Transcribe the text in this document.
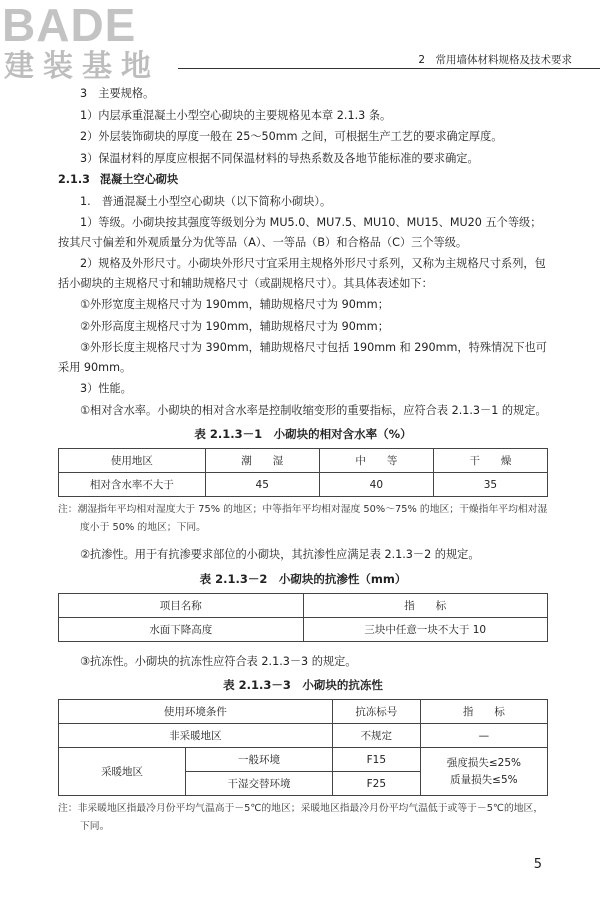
BADE
建装基地	2　常用墙体材料规格及技术要求

3　主要规格。

1）内层承重混凝土小型空心砌块的主要规格见本章 2.1.3 条。

2）外层装饰砌块的厚度一般在 25～50mm 之间，可根据生产工艺的要求确定厚度。

3）保温材料的厚度应根据不同保温材料的导热系数及各地节能标准的要求确定。

2.1.3 混凝土空心砌块

1.　普通混凝土小型空心砌块（以下简称小砌块）。

1）等级。小砌块按其强度等级划分为 MU5.0、MU7.5、MU10、MU15、MU20 五个等级；按其尺寸偏差和外观质量分为优等品（A）、一等品（B）和合格品（C）三个等级。

2）规格及外形尺寸。小砌块外形尺寸宜采用主规格外形尺寸系列，又称为主规格尺寸系列，包括小砌块的主规格尺寸和辅助规格尺寸（或副规格尺寸）。其具体表述如下：

①外形宽度主规格尺寸为 190mm，辅助规格尺寸为 90mm；

②外形高度主规格尺寸为 190mm，辅助规格尺寸为 90mm；

③外形长度主规格尺寸为 390mm，辅助规格尺寸包括 190mm 和 290mm，特殊情况下也可采用 90mm。

3）性能。

①相对含水率。小砌块的相对含水率是控制收缩变形的重要指标，应符合表 2.1.3－1 的规定。

表 2.1.3－1　小砌块的相对含水率（%）
使用地区	潮　　湿	中　　等	干　　燥
相对含水率不大于	45	40	35
注：潮湿指年平均相对湿度大于 75% 的地区；中等指年平均相对湿度 50%～75% 的地区；干燥指年平均相对湿度小于 50% 的地区；下同。

②抗渗性。用于有抗渗要求部位的小砌块，其抗渗性应满足表 2.1.3－2 的规定。

表 2.1.3－2　小砌块的抗渗性（mm）
项目名称	指　　标
水面下降高度	三块中任意一块不大于 10

③抗冻性。小砌块的抗冻性应符合表 2.1.3－3 的规定。

表 2.1.3－3　小砌块的抗冻性
使用环境条件		抗冻标号	指　　标
非采暖地区		不规定	—
采暖地区	一般环境	F15	强度损失≤25%
质量损失≤5%

	干湿交替环境	F25	
注：非采暖地区指最冷月份平均气温高于－5℃的地区；采暖地区指最冷月份平均气温低于或等于－5℃的地区，下同。
5
